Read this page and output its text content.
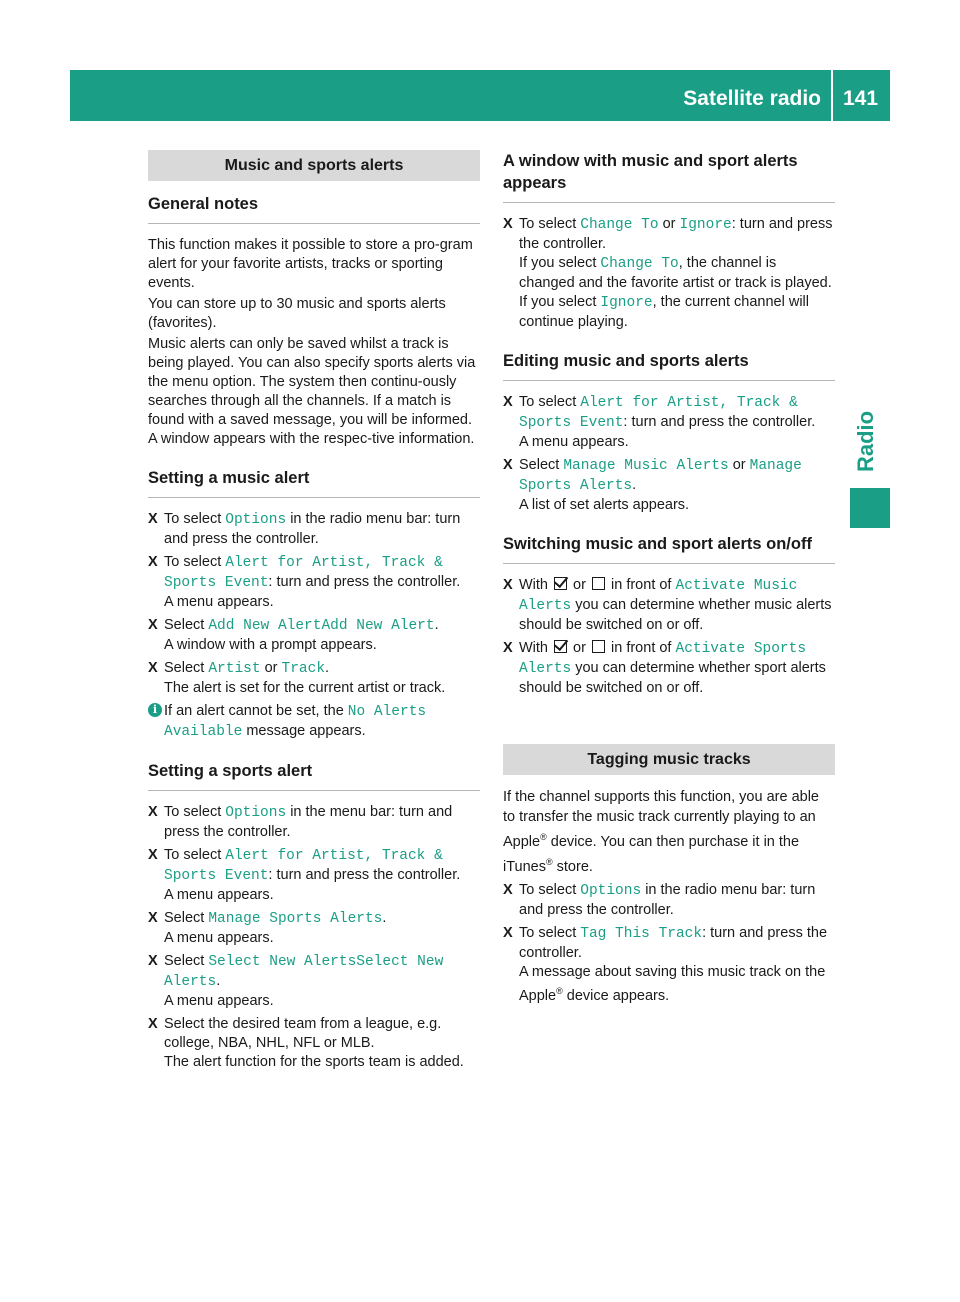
Satellite radio 141
Radio
Music and sports alerts
General notes

This function makes it possible to store a pro-gram alert for your favorite artists, tracks or sporting events.

You can store up to 30 music and sports alerts (favorites).

Music alerts can only be saved whilst a track is being played. You can also specify sports alerts via the menu option. The system then continu-ously searches through all the channels. If a match is found with a saved message, you will be informed. A window appears with the respec-tive information.

Setting a music alert
X To select Options in the radio menu bar: turn and press the controller.
X To select Alert for Artist, Track & Sports Event: turn and press the controller.
A menu appears.
X Select Add New AlertAdd New Alert.
A window with a prompt appears.
X Select Artist or Track.
The alert is set for the current artist or track.
i If an alert cannot be set, the No Alerts Available message appears.
Setting a sports alert
X To select Options in the menu bar: turn and press the controller.
X To select Alert for Artist, Track & Sports Event: turn and press the controller.
A menu appears.
X Select Manage Sports Alerts.
A menu appears.
X Select Select New AlertsSelect New Alerts.
A menu appears.
X Select the desired team from a league, e.g. college, NBA, NHL, NFL or MLB.
The alert function for the sports team is added.
A window with music and sport alerts appears
X To select Change To or Ignore: turn and press the controller.
If you select Change To, the channel is changed and the favorite artist or track is played.
If you select Ignore, the current channel will continue playing.
Editing music and sports alerts
X To select Alert for Artist, Track & Sports Event: turn and press the controller.
A menu appears.
X Select Manage Music Alerts or Manage Sports Alerts.
A list of set alerts appears.
Switching music and sport alerts on/off
X With  or  in front of Activate Music Alerts you can determine whether music alerts should be switched on or off.
X With  or  in front of Activate Sports Alerts you can determine whether sport alerts should be switched on or off.
Tagging music tracks

If the channel supports this function, you are able to transfer the music track currently playing to an Apple® device. You can then purchase it in the iTunes® store.

X To select Options in the radio menu bar: turn and press the controller.
X To select Tag This Track: turn and press the controller.
A message about saving this music track on the Apple® device appears.
